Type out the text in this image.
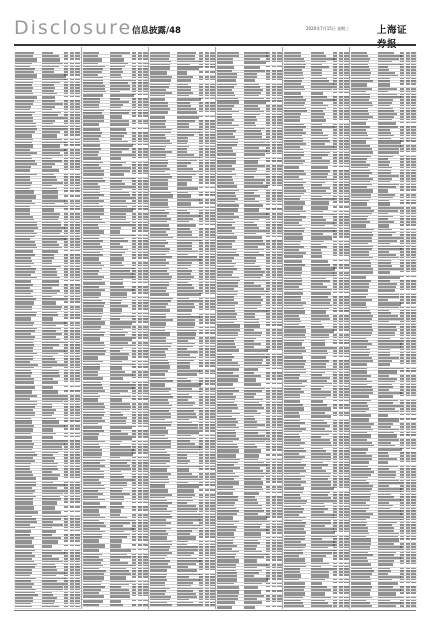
Disclosure 信息披露/48	2020年7月15日 星期三	上海证
